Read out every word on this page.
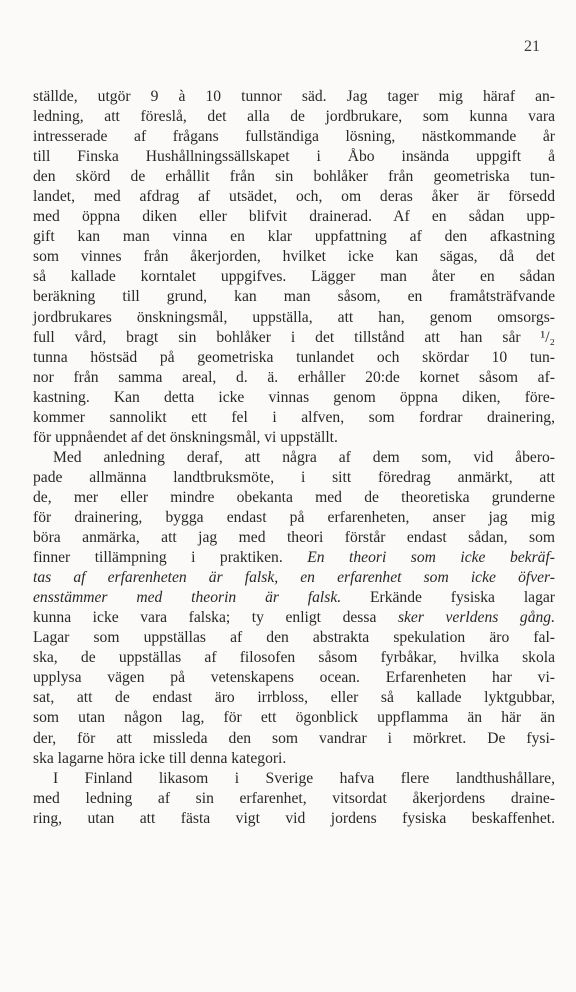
21
ställde, utgör 9 à 10 tunnor säd. Jag tager mig häraf an-
ledning, att föreslå, det alla de jordbrukare, som kunna vara
intresserade af frågans fullständiga lösning, nästkommande år
till Finska Hushållningssällskapet i Åbo insända uppgift å
den skörd de erhållit från sin bohlåker från geometriska tun-
landet, med afdrag af utsädet, och, om deras åker är försedd
med öppna diken eller blifvit drainerad. Af en sådan upp-
gift kan man vinna en klar uppfattning af den afkastning
som vinnes från åkerjorden, hvilket icke kan sägas, då det
så kallade korntalet uppgifves. Lägger man åter en sådan
beräkning till grund, kan man såsom, en framåtsträfvande
jordbrukares önskningsmål, uppställa, att han, genom omsorgs-
full vård, bragt sin bohlåker i det tillstånd att han sår ¹/₂
tunna höstsäd på geometriska tunlandet och skördar 10 tun-
nor från samma areal, d. ä. erhåller 20:de kornet såsom af-
kastning. Kan detta icke vinnas genom öppna diken, före-
kommer sannolikt ett fel i alfven, som fordrar drainering,
för uppnåendet af det önskningsmål, vi uppställt.
Med anledning deraf, att några af dem som, vid åbero-
pade allmänna landtbruksmöte, i sitt föredrag anmärkt, att
de, mer eller mindre obekanta med de theoretiska grunderne
för drainering, bygga endast på erfarenheten, anser jag mig
böra anmärka, att jag med theori förstår endast sådan, som
finner tillämpning i praktiken. En theori som icke bekräf-
tas af erfarenheten är falsk, en erfarenhet som icke öfver-
ensstämmer med theorin är falsk. Erkände fysiska lagar
kunna icke vara falska; ty enligt dessa sker verldens gång.
Lagar som uppställas af den abstrakta spekulation äro fal-
ska, de uppställas af filosofen såsom fyrbåkar, hvilka skola
upplysa vägen på vetenskapens ocean. Erfarenheten har vi-
sat, att de endast äro irrbloss, eller så kallade lyktgubbar,
som utan någon lag, för ett ögonblick uppflamma än här än
der, för att missleda den som vandrar i mörkret. De fysi-
ska lagarne höra icke till denna kategori.
I Finland likasom i Sverige hafva flere landthushållare,
med ledning af sin erfarenhet, vitsordat åkerjordens draine-
ring, utan att fästa vigt vid jordens fysiska beskaffenhet.
